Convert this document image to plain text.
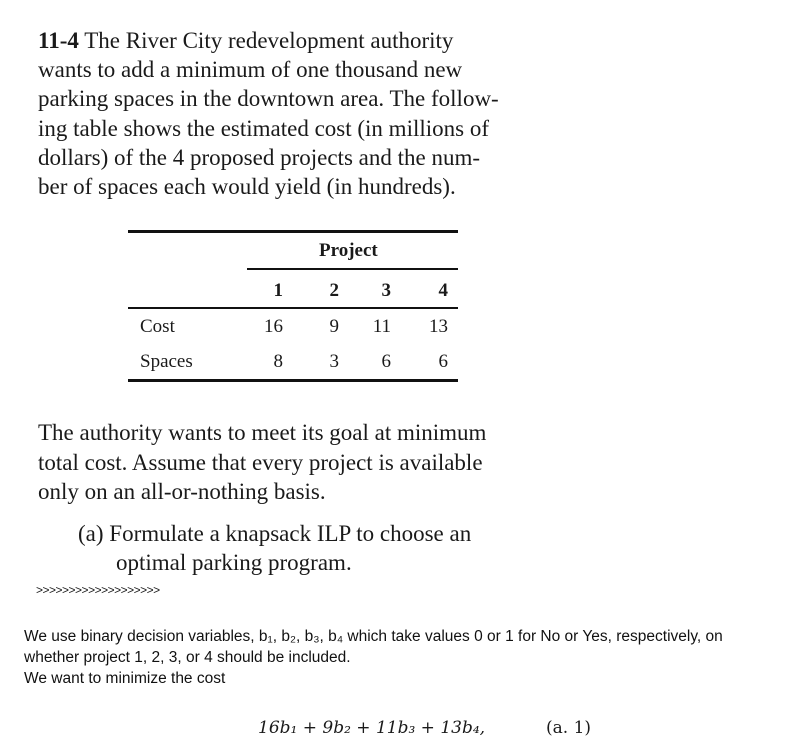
11-4 The River City redevelopment authority
wants to add a minimum of one thousand new
parking spaces in the downtown area. The follow-
ing table shows the estimated cost (in millions of
dollars) of the 4 proposed projects and the num-
ber of spaces each would yield (in hundreds).
Project
1	2	3	4
Cost	16	9	11	13
Spaces	8	3	6	6
The authority wants to meet its goal at minimum
total cost. Assume that every project is available
only on an all-or-nothing basis.
(a) Formulate a knapsack ILP to choose an
optimal parking program.
>>>>>>>>>>>>>>>>>>>
We use binary decision variables, b₁, b₂, b₃, b₄ which take values 0 or 1 for No or Yes, respectively, on
whether project 1, 2, 3, or 4 should be included.
We want to minimize the cost
16b₁ + 9b₂ + 11b₃ + 13b₄,	(a. 1)
